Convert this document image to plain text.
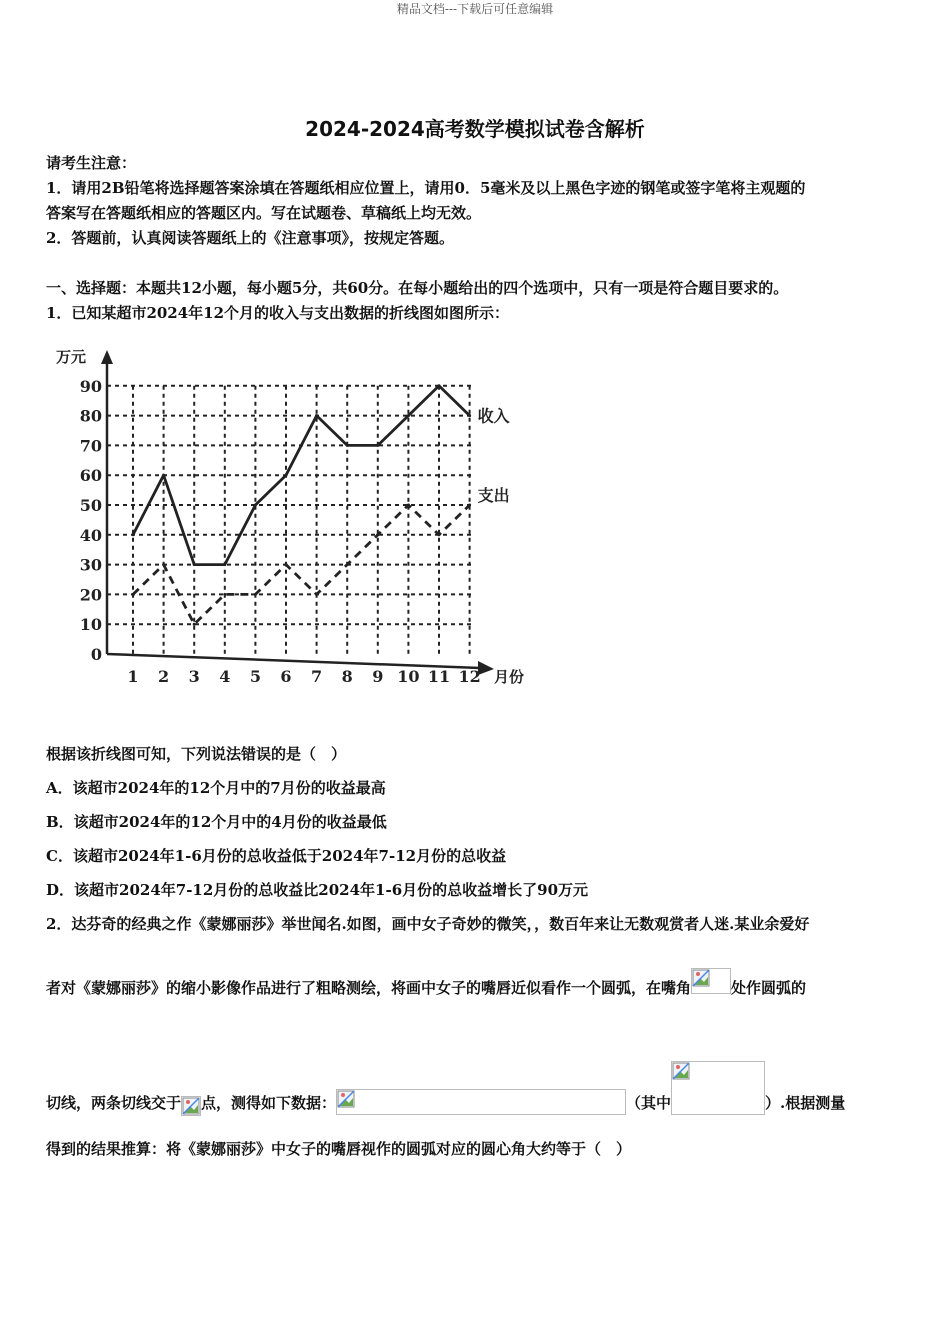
精品文档---下载后可任意编辑
2024-2024高考数学模拟试卷含解析
请考生注意：
1．请用2B铅笔将选择题答案涂填在答题纸相应位置上，请用0．5毫米及以上黑色字迹的钢笔或签字笔将主观题的
答案写在答题纸相应的答题区内。写在试题卷、草稿纸上均无效。
2．答题前，认真阅读答题纸上的《注意事项》，按规定答题。
一、选择题：本题共12小题，每小题5分，共60分。在每小题给出的四个选项中，只有一项是符合题目要求的。
1．已知某超市2024年12个月的收入与支出数据的折线图如图所示：
0
10
20
30
40
50
60
70
80
90
1 2 3 4 5 6 7 8 9 10 11 12
收入
支出
万元
月份
根据该折线图可知，下列说法错误的是（　）
A．该超市2024年的12个月中的7月份的收益最高
B．该超市2024年的12个月中的4月份的收益最低
C．该超市2024年1-6月份的总收益低于2024年7-12月份的总收益
D．该超市2024年7-12月份的总收益比2024年1-6月份的总收益增长了90万元
2．达芬奇的经典之作《蒙娜丽莎》举世闻名.如图，画中女子奇妙的微笑，，数百年来让无数观赏者人迷.某业余爱好
者对《蒙娜丽莎》的缩小影像作品进行了粗略测绘，将画中女子的嘴唇近似看作一个圆弧，在嘴角	处作圆弧的
切线，两条切线交于 点，测得如下数据：	（其中	）.根据测量
得到的结果推算：将《蒙娜丽莎》中女子的嘴唇视作的圆弧对应的圆心角大约等于（　）
